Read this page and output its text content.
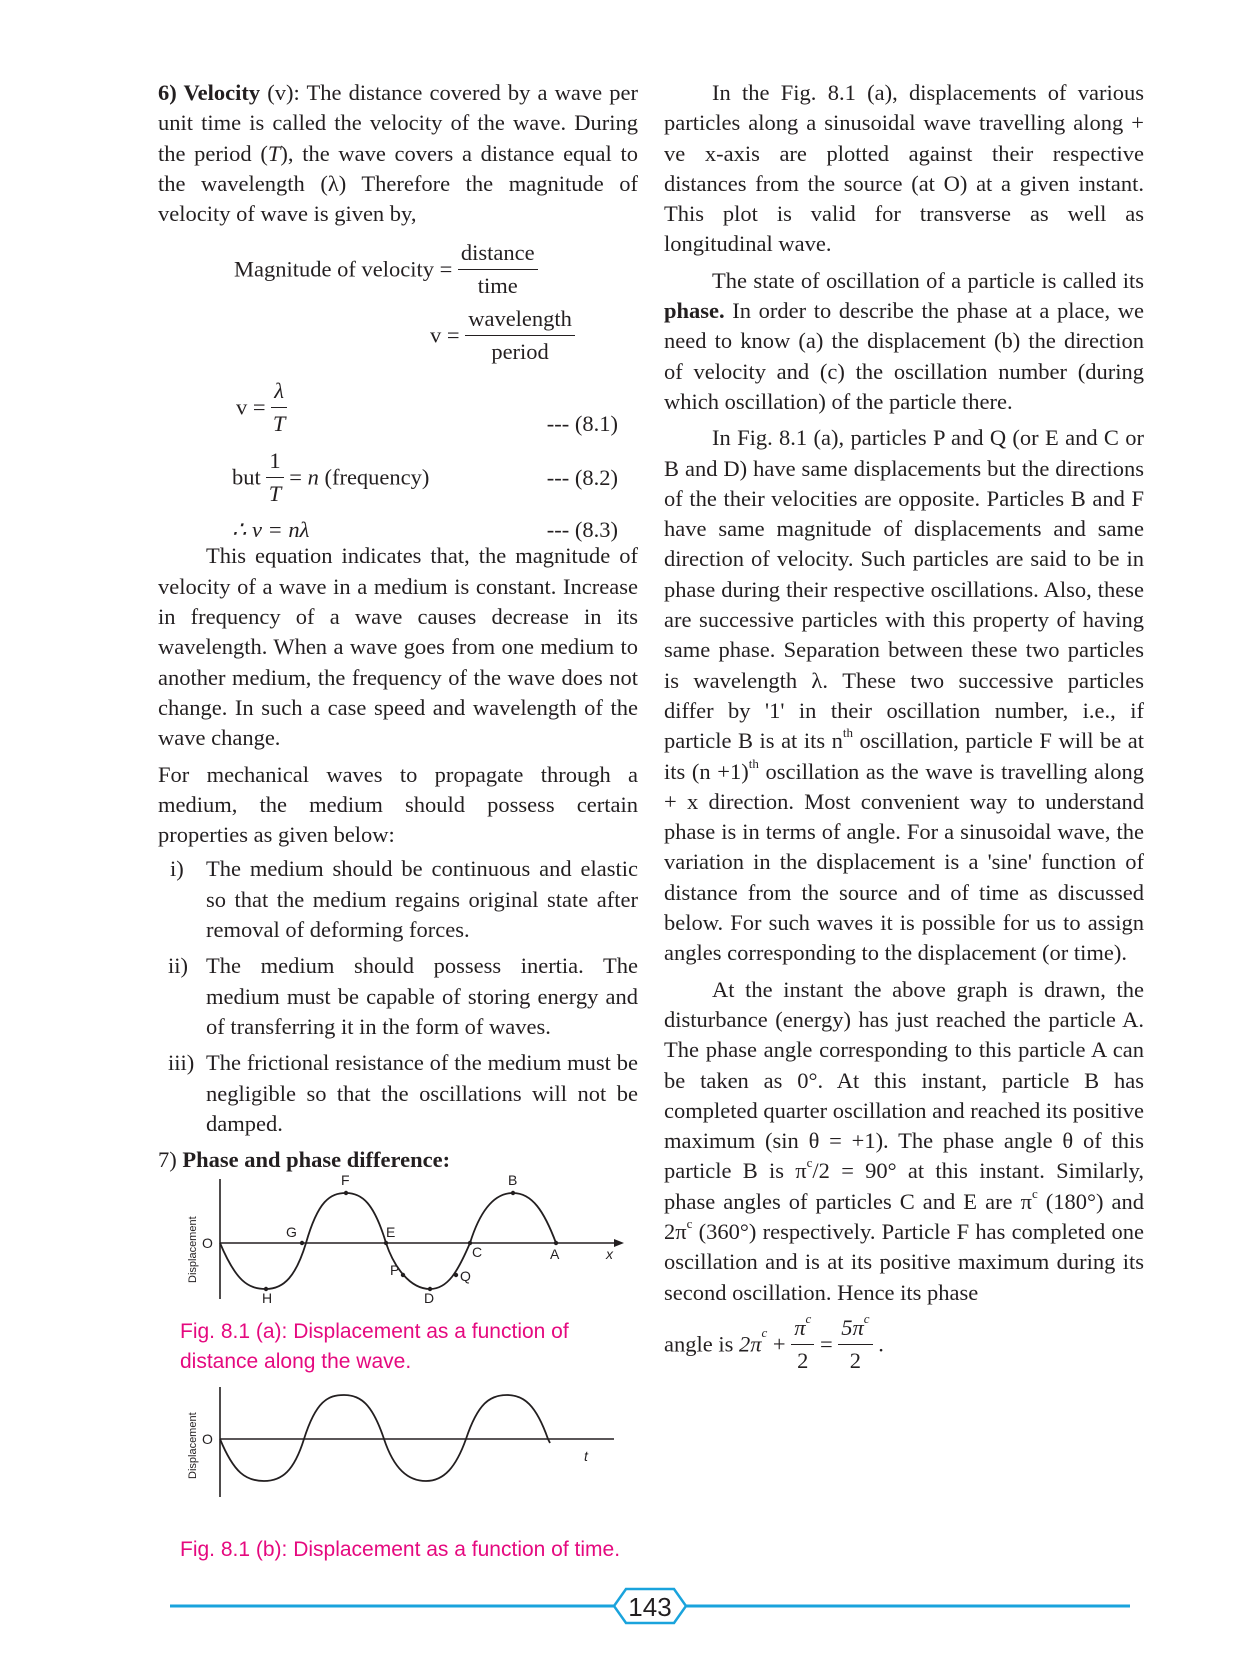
6) Velocity (v): The distance covered by a wave per unit time is called the velocity of the wave. During the period (T), the wave covers a distance equal to the wavelength (λ) Therefore the magnitude of velocity of wave is given by,

Magnitude of velocity = $\frac{\text{distance}}{\text{time}}$
$v = \frac{\text{wavelength}}{\text{period}}$
$v = \frac{\lambda}{T}$	--- (8.1)
but $\frac{1}{T} = n$ (frequency)	--- (8.2)
∴ v = nλ	--- (8.3)

This equation indicates that, the magnitude of velocity of a wave in a medium is constant. Increase in frequency of a wave causes decrease in its wavelength. When a wave goes from one medium to another medium, the frequency of the wave does not change. In such a case speed and wavelength of the wave change.

For mechanical waves to propagate through a medium, the medium should possess certain properties as given below:

i) The medium should be continuous and elastic so that the medium regains original state after removal of deforming forces.
ii) The medium should possess inertia. The medium must be capable of storing energy and of transferring it in the form of waves.
iii) The frictional resistance of the medium must be negligible so that the oscillations will not be damped.

7) Phase and phase difference:

Displacement O
x
F
G	E
B
C	A
H
P	Q
D

Fig. 8.1 (a): Displacement as a function of distance along the wave.

Displacement O
t

Fig. 8.1 (b): Displacement as a function of time.

In the Fig. 8.1 (a), displacements of various particles along a sinusoidal wave travelling along + ve x-axis are plotted against their respective distances from the source (at O) at a given instant. This plot is valid for transverse as well as longitudinal wave.

The state of oscillation of a particle is called its phase. In order to describe the phase at a place, we need to know (a) the displacement (b) the direction of velocity and (c) the oscillation number (during which oscillation) of the particle there.

In Fig. 8.1 (a), particles P and Q (or E and C or B and D) have same displacements but the directions of the their velocities are opposite. Particles B and F have same magnitude of displacements and same direction of velocity. Such particles are said to be in phase during their respective oscillations. Also, these are successive particles with this property of having same phase. Separation between these two particles is wavelength λ. These two successive particles differ by '1' in their oscillation number, i.e., if particle B is at its $n^{th}$ oscillation, particle F will be at its $(n +1)^{th}$ oscillation as the wave is travelling along + x direction. Most convenient way to understand phase is in terms of angle. For a sinusoidal wave, the variation in the displacement is a 'sine' function of distance from the source and of time as discussed below. For such waves it is possible for us to assign angles corresponding to the displacement (or time).

At the instant the above graph is drawn, the disturbance (energy) has just reached the particle A. The phase angle corresponding to this particle A can be taken as 0°. At this instant, particle B has completed quarter oscillation and reached its positive maximum (sin θ = +1). The phase angle θ of this particle B is $\pi^c/2 = 90^\circ$ at this instant. Similarly, phase angles of particles C and E are $\pi^c$ (180°) and $2\pi^c$ (360°) respectively. Particle F has completed one oscillation and is at its positive maximum during its second oscillation. Hence its phase

angle is $2\pi^c + \frac{\pi^c}{2} = \frac{5\pi^c}{2}$ .
143
